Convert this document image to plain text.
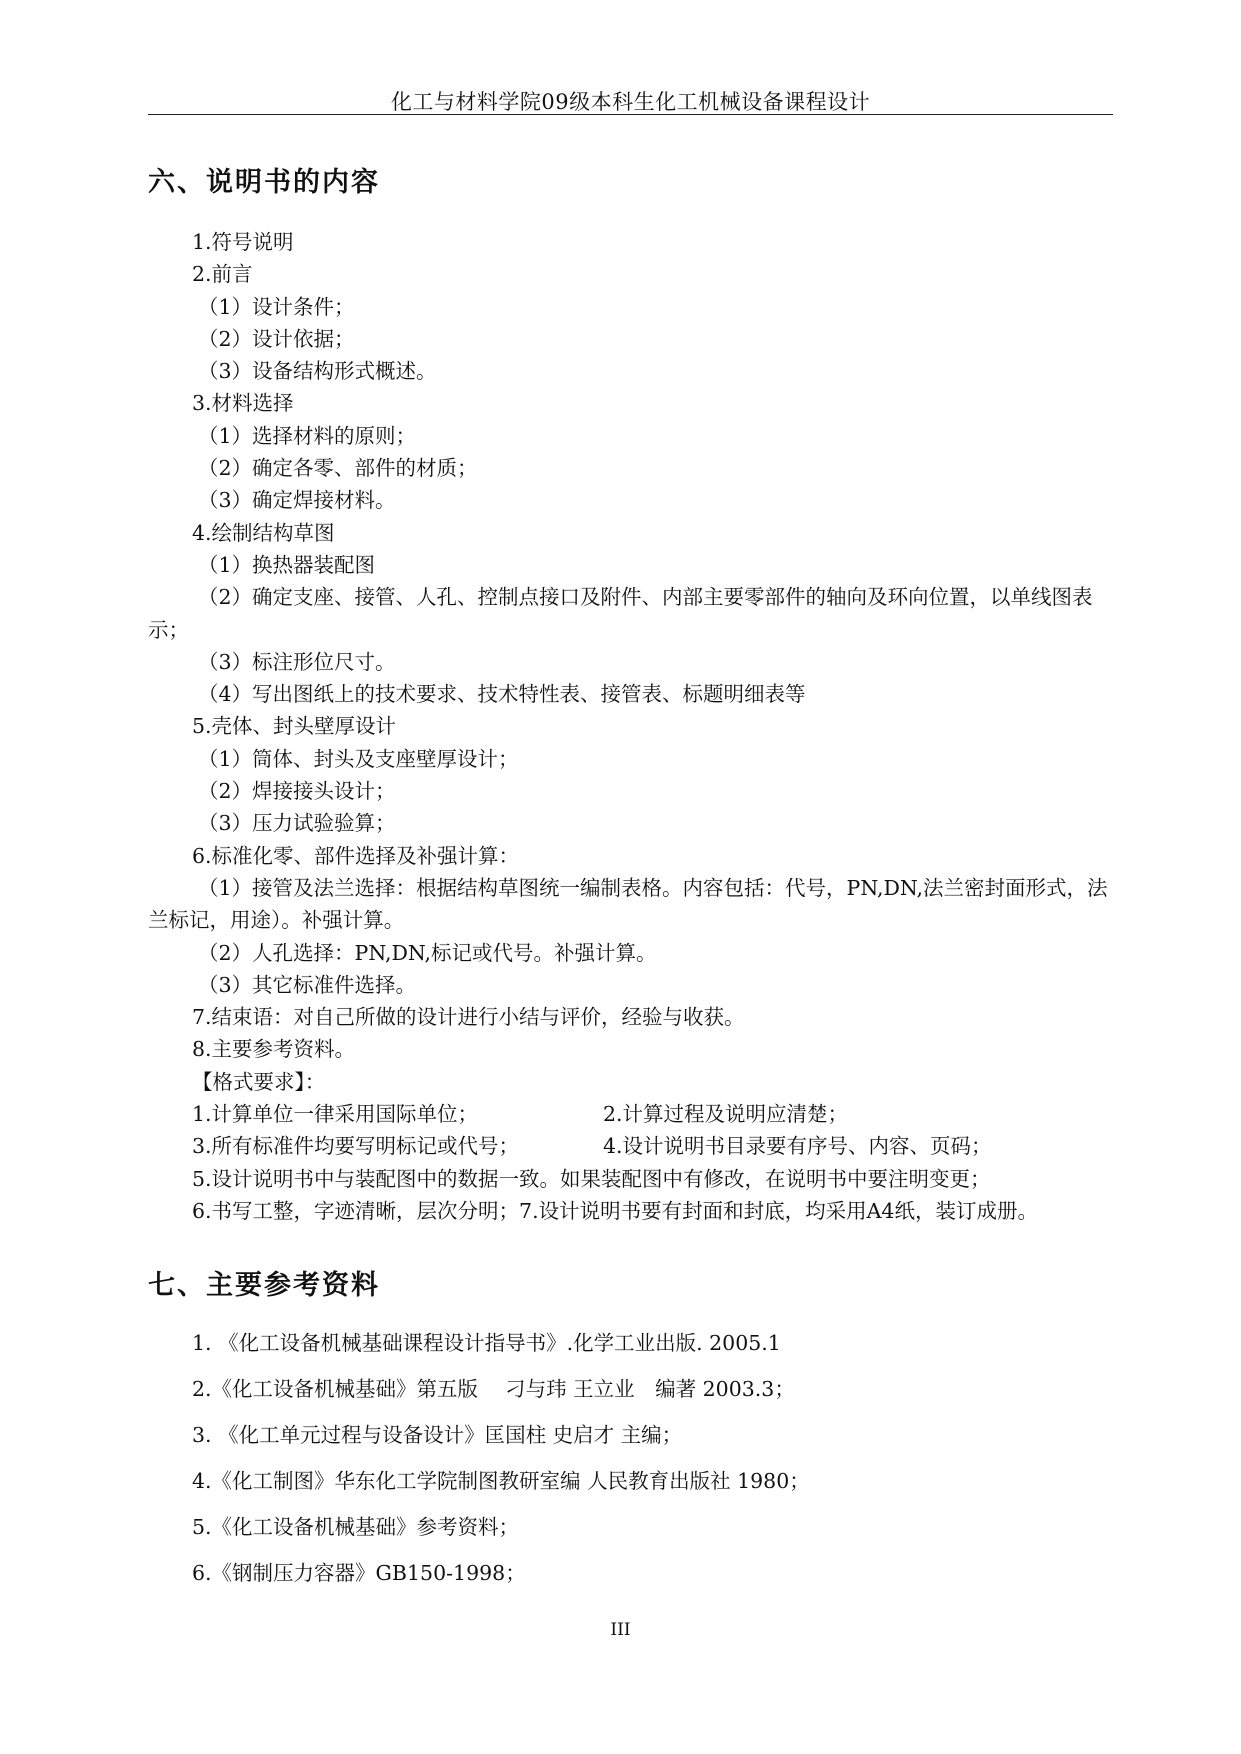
化工与材料学院09级本科生化工机械设备课程设计
六、说明书的内容
1.符号说明
2.前言
（1）设计条件；
（2）设计依据；
（3）设备结构形式概述。
3.材料选择
（1）选择材料的原则；
（2）确定各零、部件的材质；
（3）确定焊接材料。
4.绘制结构草图
（1）换热器装配图
（2）确定支座、接管、人孔、控制点接口及附件、内部主要零部件的轴向及环向位置，以单线图表示；
（3）标注形位尺寸。
（4）写出图纸上的技术要求、技术特性表、接管表、标题明细表等
5.壳体、封头壁厚设计
（1）筒体、封头及支座壁厚设计；
（2）焊接接头设计；
（3）压力试验验算；
6.标准化零、部件选择及补强计算：
（1）接管及法兰选择：根据结构草图统一编制表格。内容包括：代号，PN,DN,法兰密封面形式，法兰标记，用途）。补强计算。
（2）人孔选择：PN,DN,标记或代号。补强计算。
（3）其它标准件选择。
7.结束语：对自己所做的设计进行小结与评价，经验与收获。
8.主要参考资料。
【格式要求】：
1.计算单位一律采用国际单位；	2.计算过程及说明应清楚；
3.所有标准件均要写明标记或代号；	4.设计说明书目录要有序号、内容、页码；
5.设计说明书中与装配图中的数据一致。如果装配图中有修改，在说明书中要注明变更；
6.书写工整，字迹清晰，层次分明；7.设计说明书要有封面和封底，均采用A4纸，装订成册。
七、主要参考资料
1. 《化工设备机械基础课程设计指导书》.化学工业出版. 2005.1
2.《化工设备机械基础》第五版　 刁与玮 王立业　编著 2003.3；
3. 《化工单元过程与设备设计》匡国柱 史启才 主编；
4.《化工制图》华东化工学院制图教研室编 人民教育出版社 1980；
5.《化工设备机械基础》参考资料；
6.《钢制压力容器》GB150-1998；
III
